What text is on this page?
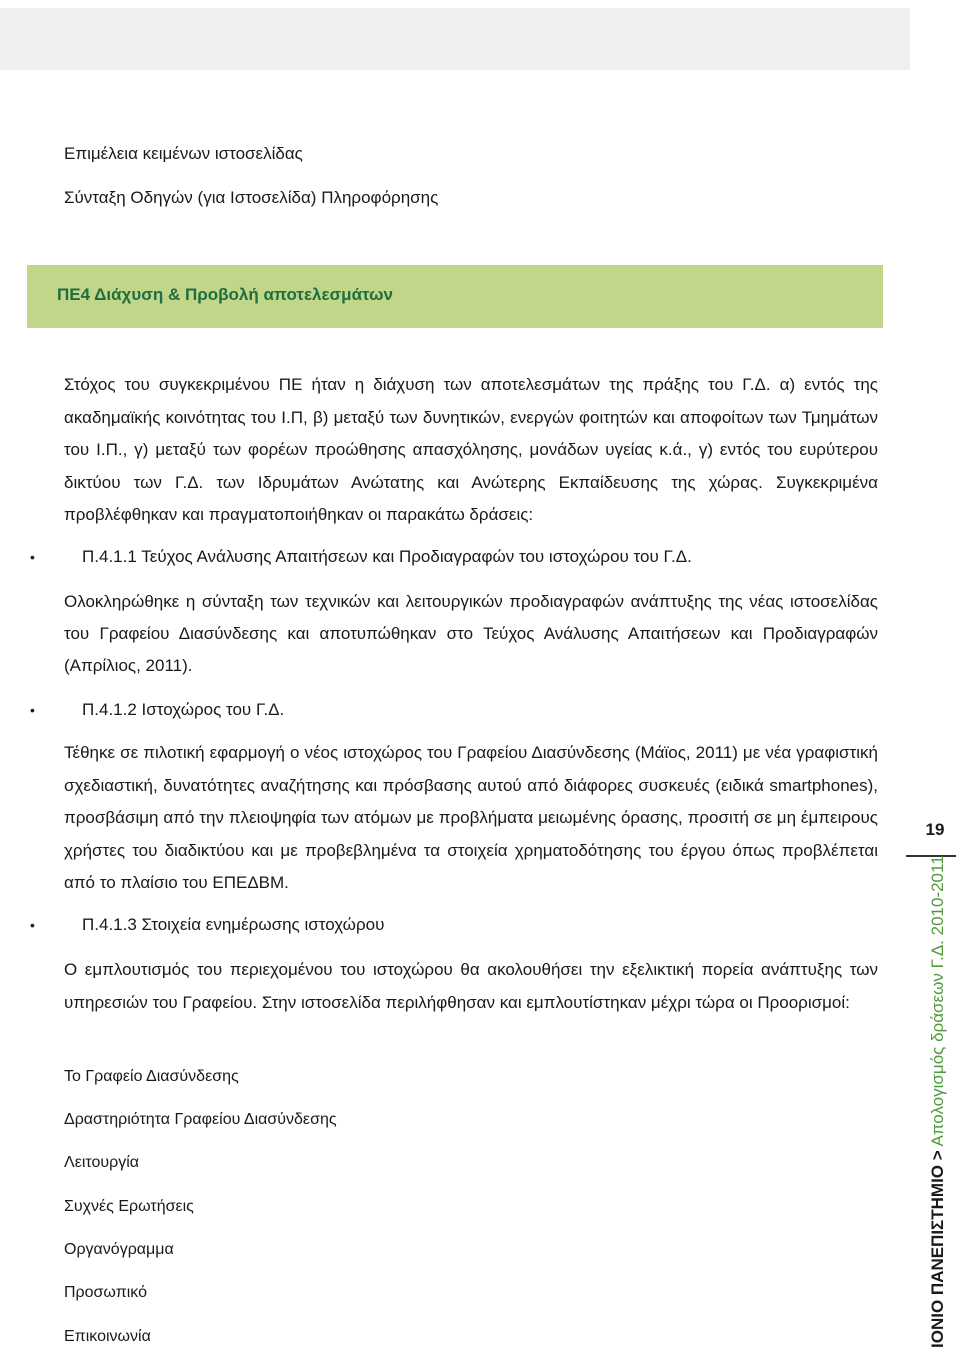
Επιμέλεια κειμένων ιστοσελίδας
Σύνταξη Οδηγών (για Ιστοσελίδα) Πληροφόρησης
ΠΕ4 Διάχυση & Προβολή αποτελεσμάτων
Στόχος του συγκεκριμένου ΠΕ ήταν η διάχυση των αποτελεσμάτων της πράξης του Γ.Δ. α) εντός της ακαδημαϊκής κοινότητας του Ι.Π, β) μεταξύ των δυνητικών, ενεργών φοιτητών και αποφοίτων των Τμημάτων του Ι.Π., γ) μεταξύ των φορέων προώθησης απασχόλησης, μονάδων υγείας κ.ά., γ) εντός του ευρύτερου δικτύου των Γ.Δ. των Ιδρυμάτων Ανώτατης και Ανώτερης Εκπαίδευσης της χώρας. Συγκεκριμένα προβλέφθηκαν και πραγματοποιήθηκαν οι παρακάτω δράσεις:
•	Π.4.1.1 Τεύχος Ανάλυσης Απαιτήσεων και Προδιαγραφών του ιστοχώρου του Γ.Δ.
Ολοκληρώθηκε η σύνταξη των τεχνικών και λειτουργικών προδιαγραφών ανάπτυξης της νέας ιστοσελίδας του Γραφείου Διασύνδεσης και αποτυπώθηκαν στο Τεύχος Ανάλυσης Απαιτήσεων και Προδιαγραφών (Απρίλιος, 2011).
•	Π.4.1.2 Ιστοχώρος του Γ.Δ.
Τέθηκε σε πιλοτική εφαρμογή ο νέος ιστοχώρος του Γραφείου Διασύνδεσης (Μάϊος, 2011) με νέα γραφιστική σχεδιαστική, δυνατότητες αναζήτησης και πρόσβασης αυτού από διάφορες συσκευές (ειδικά smartphones), προσβάσιμη από την πλειοψηφία των ατόμων με προβλήματα μειωμένης όρασης, προσιτή σε μη έμπειρους χρήστες του διαδικτύου και με προβεβλημένα τα στοιχεία χρηματοδότησης του έργου όπως προβλέπεται από το πλαίσιο του ΕΠΕΔΒΜ.
•	Π.4.1.3 Στοιχεία ενημέρωσης ιστοχώρου
Ο εμπλουτισμός του περιεχομένου του ιστοχώρου θα ακολουθήσει την εξελικτική πορεία ανάπτυξης των υπηρεσιών του Γραφείου. Στην ιστοσελίδα περιλήφθησαν και εμπλουτίστηκαν μέχρι τώρα οι Προορισμοί:
Το Γραφείο Διασύνδεσης
Δραστηριότητα Γραφείου Διασύνδεσης
Λειτουργία
Συχνές Ερωτήσεις
Οργανόγραμμα
Προσωπικό
Επικοινωνία
19
ΙΟΝΙΟ ΠΑΝΕΠΙΣΤΗΜΙΟ > Απολογισμός δράσεων Γ.Δ. 2010-2011
